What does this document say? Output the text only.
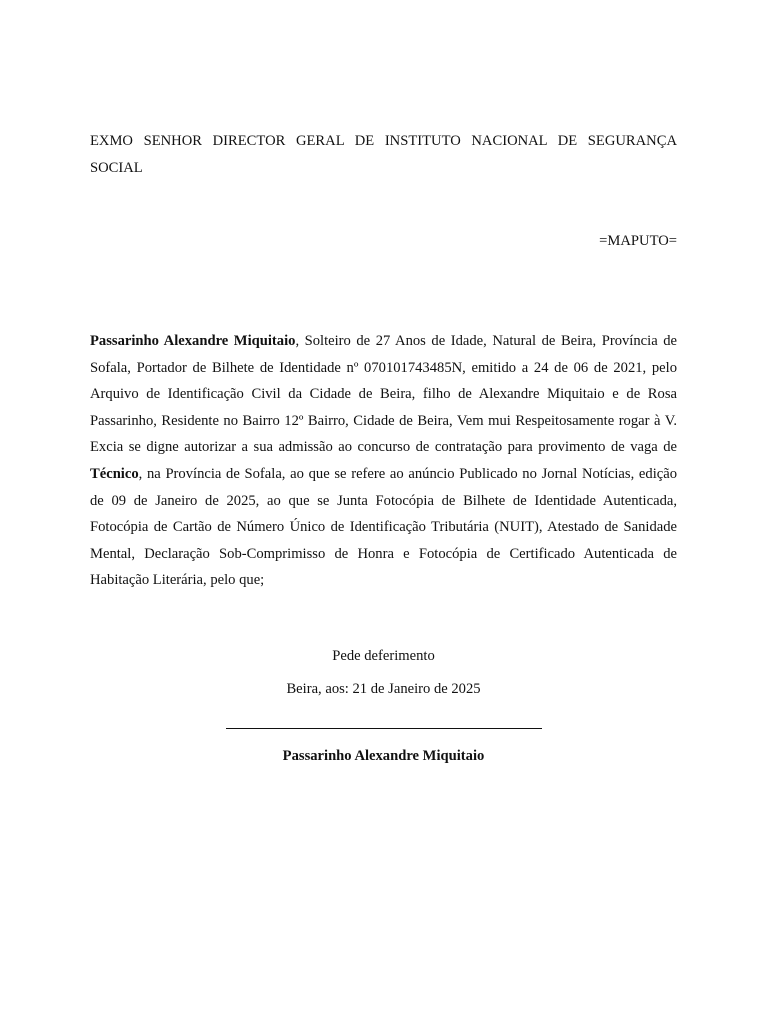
EXMO SENHOR DIRECTOR GERAL DE INSTITUTO NACIONAL DE SEGURANÇA
SOCIAL
=MAPUTO=

Passarinho Alexandre Miquitaio, Solteiro de 27 Anos de Idade, Natural de Beira, Província de Sofala, Portador de Bilhete de Identidade nº 070101743485N, emitido a 24 de 06 de 2021, pelo Arquivo de Identificação Civil da Cidade de Beira, filho de Alexandre Miquitaio e de Rosa Passarinho, Residente no Bairro 12º Bairro, Cidade de Beira, Vem mui Respeitosamente rogar à V. Excia se digne autorizar a sua admissão ao concurso de contratação para provimento de vaga de Técnico, na Província de Sofala, ao que se refere ao anúncio Publicado no Jornal Notícias, edição de 09 de Janeiro de 2025, ao que se Junta Fotocópia de Bilhete de Identidade Autenticada, Fotocópia de Cartão de Número Único de Identificação Tributária (NUIT), Atestado de Sanidade Mental, Declaração Sob-Comprimisso de Honra e Fotocópia de Certificado Autenticada de Habitação Literária, pelo que;

Pede deferimento
Beira, aos: 21 de Janeiro de 2025
Passarinho Alexandre Miquitaio
